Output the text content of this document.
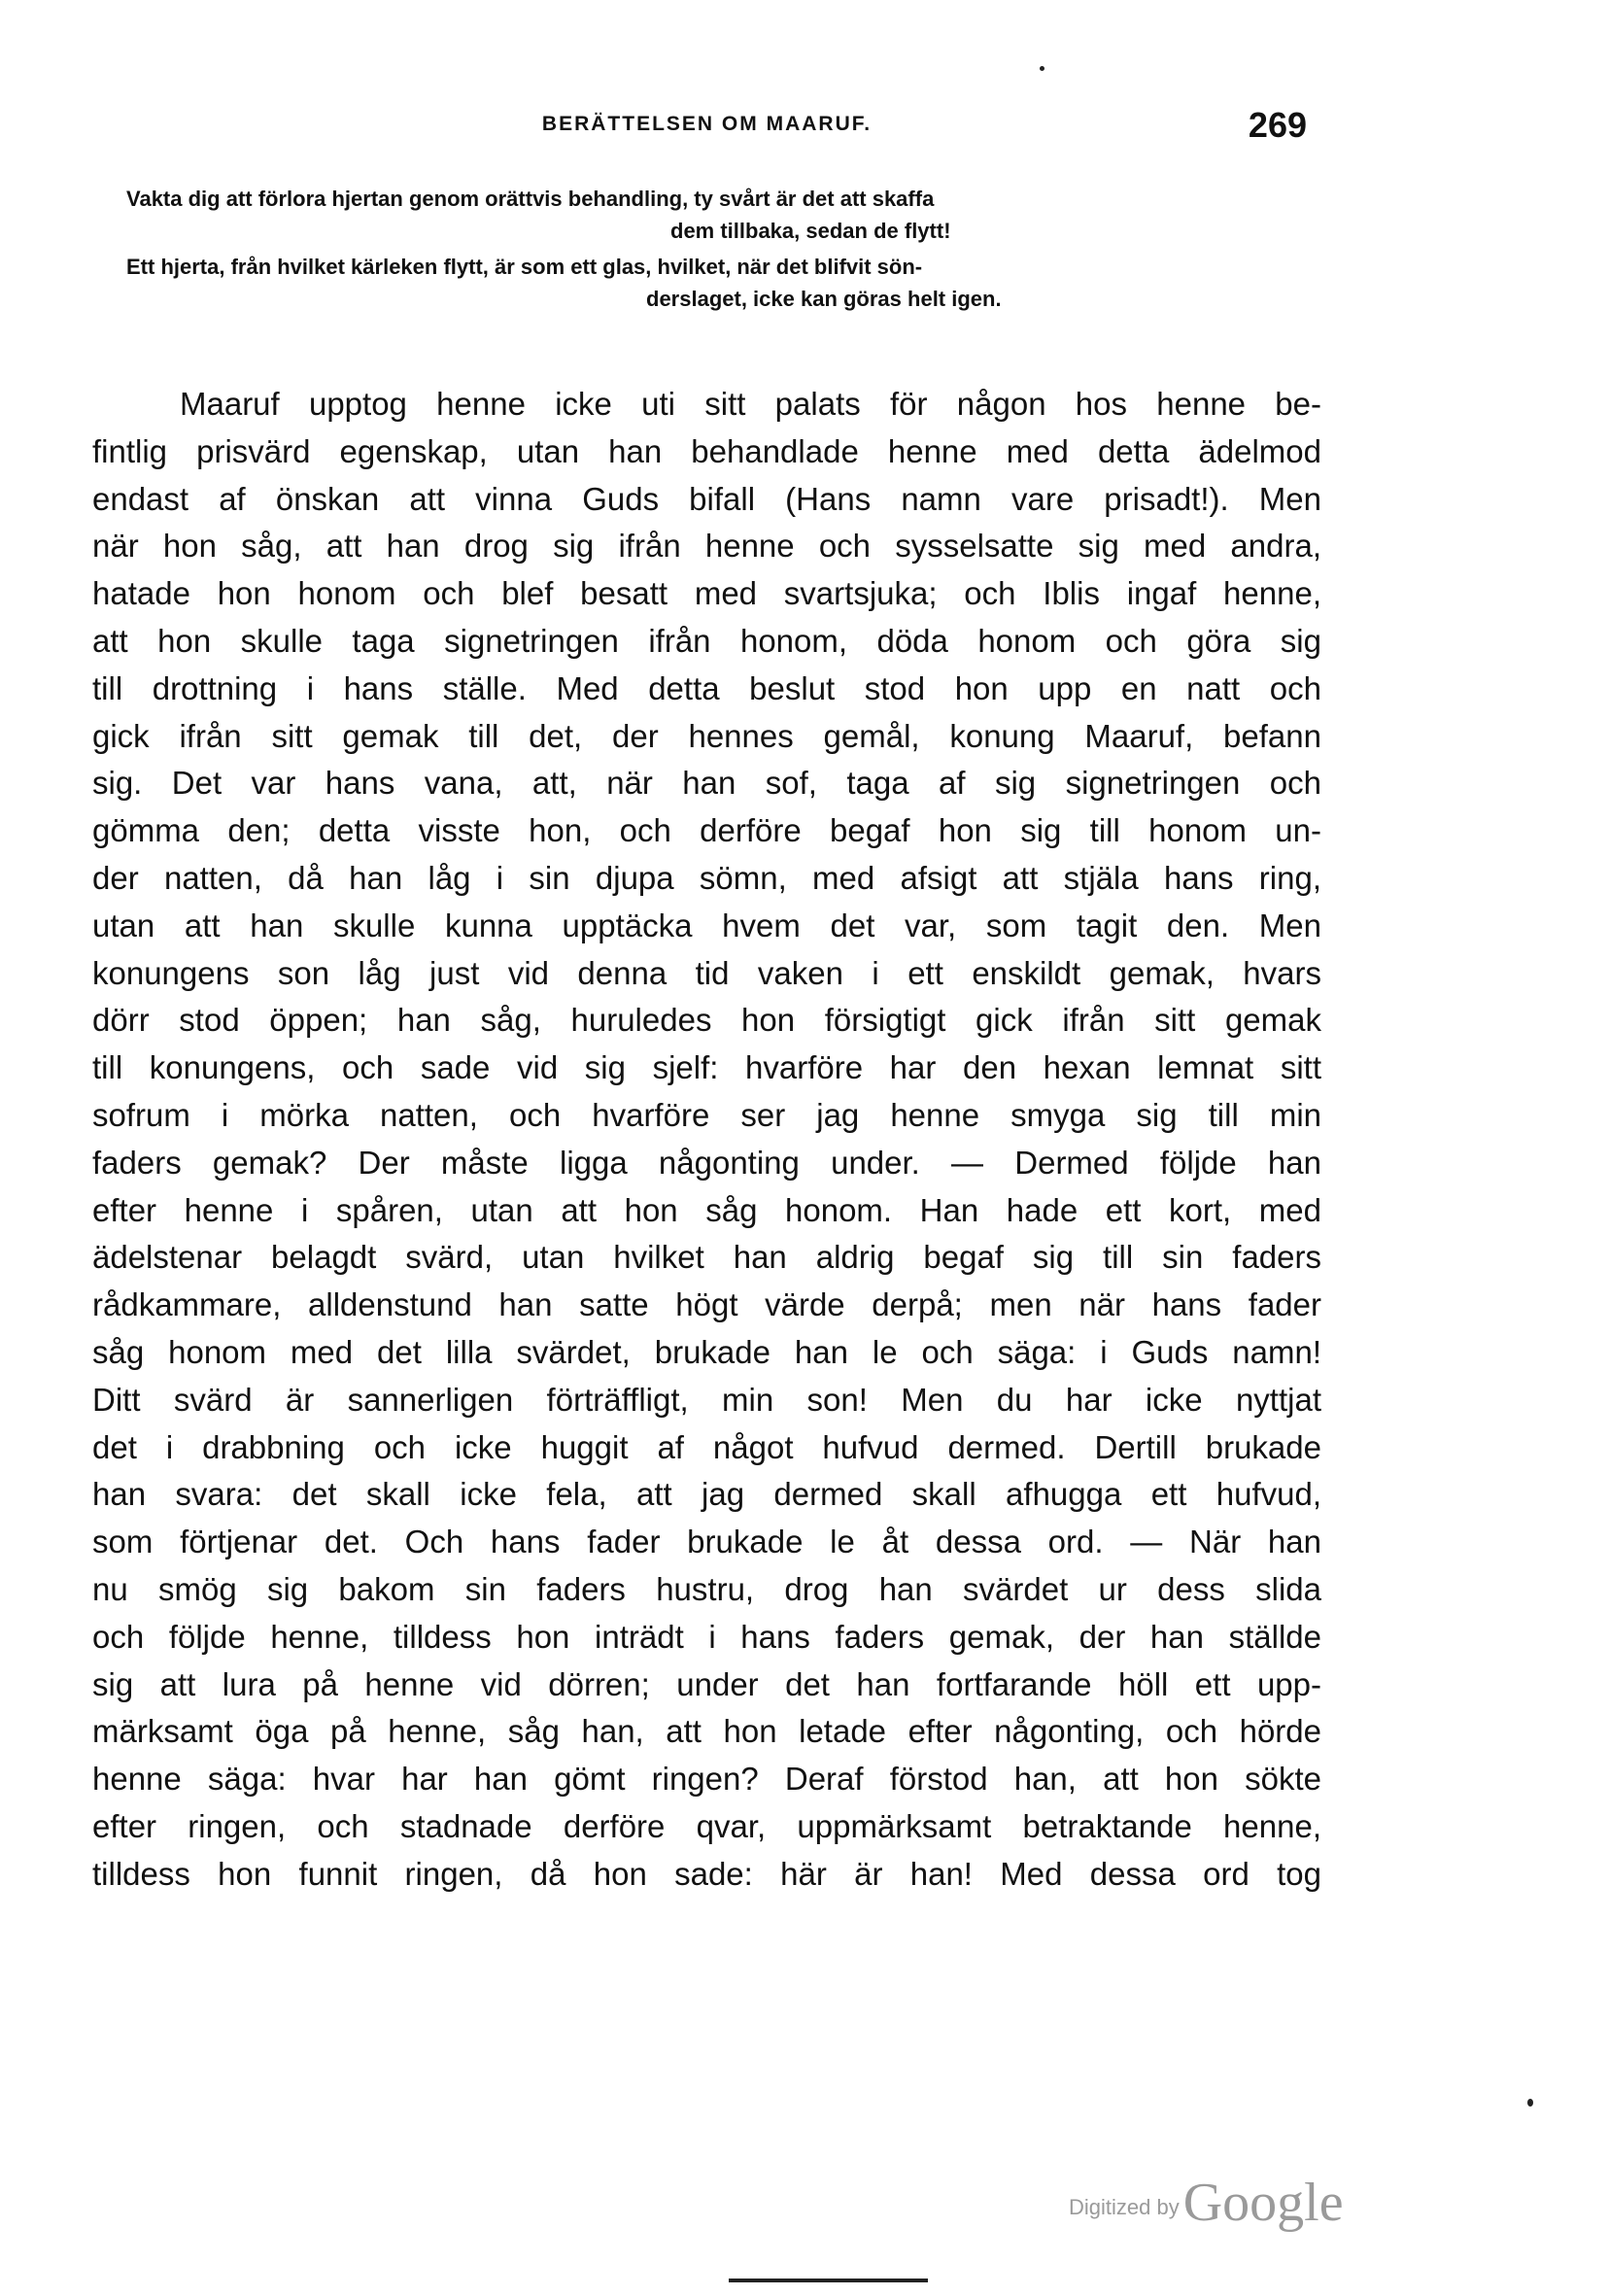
BERÄTTELSEN OM MAARUF.	269

Vakta dig att förlora hjertan genom orättvis behandling, ty svårt är det att skaffa
dem tillbaka, sedan de flytt!

Ett hjerta, från hvilket kärleken flytt, är som ett glas, hvilket, när det blifvit sön-
derslaget, icke kan göras helt igen.

Maaruf upptog henne icke uti sitt palats för någon hos henne be-
fintlig prisvärd egenskap, utan han behandlade henne med detta ädelmod
endast af önskan att vinna Guds bifall (Hans namn vare prisadt!). Men
när hon såg, att han drog sig ifrån henne och sysselsatte sig med andra,
hatade hon honom och blef besatt med svartsjuka; och Iblis ingaf henne,
att hon skulle taga signetringen ifrån honom, döda honom och göra sig
till drottning i hans ställe. Med detta beslut stod hon upp en natt och
gick ifrån sitt gemak till det, der hennes gemål, konung Maaruf, befann
sig. Det var hans vana, att, när han sof, taga af sig signetringen och
gömma den; detta visste hon, och derföre begaf hon sig till honom un-
der natten, då han låg i sin djupa sömn, med afsigt att stjäla hans ring,
utan att han skulle kunna upptäcka hvem det var, som tagit den. Men
konungens son låg just vid denna tid vaken i ett enskildt gemak, hvars
dörr stod öppen; han såg, huruledes hon försigtigt gick ifrån sitt gemak
till konungens, och sade vid sig sjelf: hvarföre har den hexan lemnat sitt
sofrum i mörka natten, och hvarföre ser jag henne smyga sig till min
faders gemak? Der måste ligga någonting under. — Dermed följde han
efter henne i spåren, utan att hon såg honom. Han hade ett kort, med
ädelstenar belagdt svärd, utan hvilket han aldrig begaf sig till sin faders
rådkammare, alldenstund han satte högt värde derpå; men när hans fader
såg honom med det lilla svärdet, brukade han le och säga: i Guds namn!
Ditt svärd är sannerligen förträffligt, min son! Men du har icke nyttjat
det i drabbning och icke huggit af något hufvud dermed. Dertill brukade
han svara: det skall icke fela, att jag dermed skall afhugga ett hufvud,
som förtjenar det. Och hans fader brukade le åt dessa ord. — När han
nu smög sig bakom sin faders hustru, drog han svärdet ur dess slida
och följde henne, tilldess hon inträdt i hans faders gemak, der han ställde
sig att lura på henne vid dörren; under det han fortfarande höll ett upp-
märksamt öga på henne, såg han, att hon letade efter någonting, och hörde
henne säga: hvar har han gömt ringen? Deraf förstod han, att hon sökte
efter ringen, och stadnade derföre qvar, uppmärksamt betraktande henne,
tilldess hon funnit ringen, då hon sade: här är han! Med dessa ord tog
Digitized by Google
